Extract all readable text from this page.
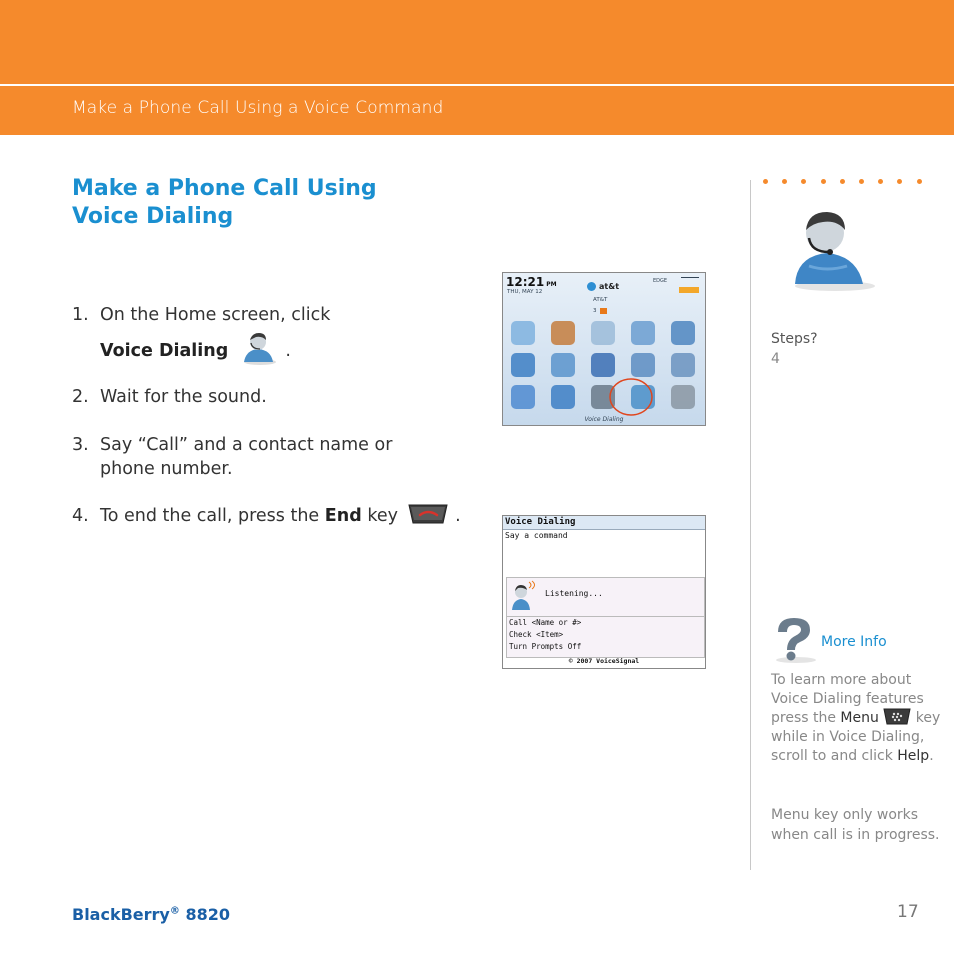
Make a Phone Call Using a Voice Command
Make a Phone Call Using
Voice Dialing
1. On the Home screen, click
Voice Dialing	.
2. Wait for the sound.
3. Say “Call” and a contact name or
phone number.
4. To end the call, press the End key	.
12:21 PM
THU, MAY 12
at&t
AT&T
3
EDGE
Voice Dialing
Voice Dialing
Say a command
Listening...
Call <Name or #>
Check <Item>
Turn Prompts Off
© 2007 VoiceSignal
Steps?
4
More Info
To learn more about Voice Dialing features press the Menu	key while in Voice Dialing, scroll to and click Help.
Menu key only works when call is in progress.
BlackBerry® 8820	17
